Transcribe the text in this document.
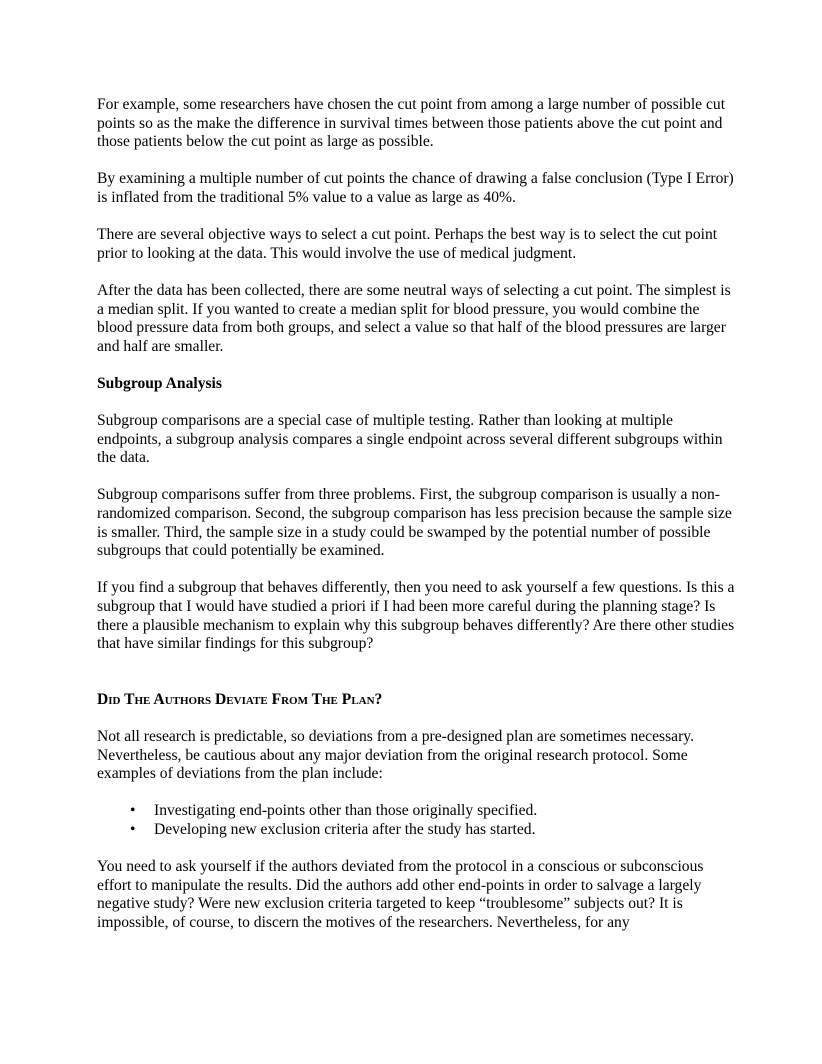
For example, some researchers have chosen the cut point from among a large number of possible cut points so as the make the difference in survival times between those patients above the cut point and those patients below the cut point as large as possible.

By examining a multiple number of cut points the chance of drawing a false conclusion (Type I Error) is inflated from the traditional 5% value to a value as large as 40%.

There are several objective ways to select a cut point. Perhaps the best way is to select the cut point prior to looking at the data. This would involve the use of medical judgment.

After the data has been collected, there are some neutral ways of selecting a cut point. The simplest is a median split. If you wanted to create a median split for blood pressure, you would combine the blood pressure data from both groups, and select a value so that half of the blood pressures are larger and half are smaller.

Subgroup Analysis

Subgroup comparisons are a special case of multiple testing. Rather than looking at multiple endpoints, a subgroup analysis compares a single endpoint across several different subgroups within the data.

Subgroup comparisons suffer from three problems. First, the subgroup comparison is usually a non-randomized comparison. Second, the subgroup comparison has less precision because the sample size is smaller. Third, the sample size in a study could be swamped by the potential number of possible subgroups that could potentially be examined.

If you find a subgroup that behaves differently, then you need to ask yourself a few questions. Is this a subgroup that I would have studied a priori if I had been more careful during the planning stage? Is there a plausible mechanism to explain why this subgroup behaves differently? Are there other studies that have similar findings for this subgroup?

Did The Authors Deviate From The Plan?

Not all research is predictable, so deviations from a pre-designed plan are sometimes necessary. Nevertheless, be cautious about any major deviation from the original research protocol. Some examples of deviations from the plan include:

• Investigating end-points other than those originally specified.
• Developing new exclusion criteria after the study has started.

You need to ask yourself if the authors deviated from the protocol in a conscious or subconscious effort to manipulate the results. Did the authors add other end-points in order to salvage a largely negative study? Were new exclusion criteria targeted to keep “troublesome” subjects out? It is impossible, of course, to discern the motives of the researchers. Nevertheless, for any
